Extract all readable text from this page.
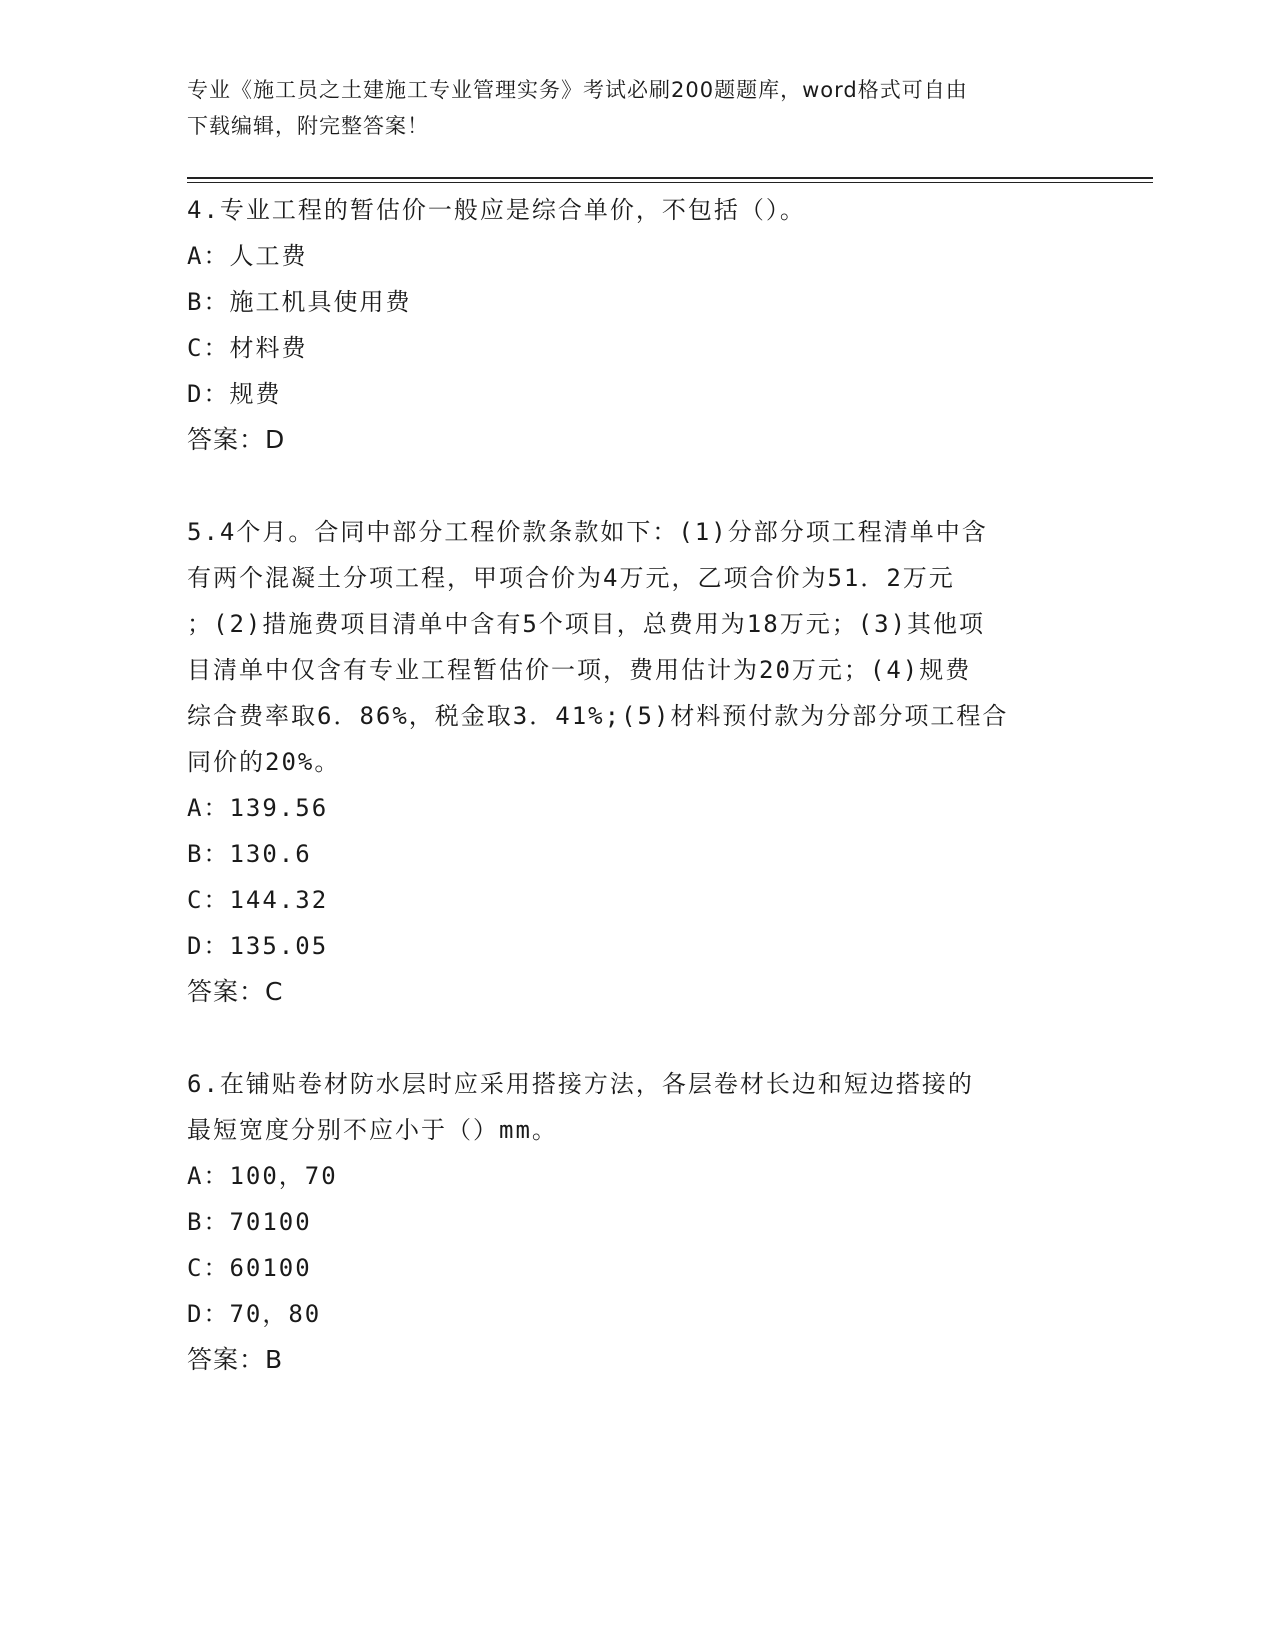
专业《施工员之土建施工专业管理实务》考试必刷200题题库，word格式可自由
下载编辑，附完整答案！
4.专业工程的暂估价一般应是综合单价，不包括（）。
A：人工费
B：施工机具使用费
C：材料费
D：规费
答案：D
5.4个月。合同中部分工程价款条款如下：(1)分部分项工程清单中含
有两个混凝土分项工程，甲项合价为4万元，乙项合价为51．2万元
；(2)措施费项目清单中含有5个项目，总费用为18万元；(3)其他项
目清单中仅含有专业工程暂估价一项，费用估计为20万元；(4)规费
综合费率取6．86%，税金取3．41%;(5)材料预付款为分部分项工程合
同价的20%。
A：139.56
B：130.6
C：144.32
D：135.05
答案：C
6.在铺贴卷材防水层时应采用搭接方法，各层卷材长边和短边搭接的
最短宽度分别不应小于（）mm。
A：100，70
B：70100
C：60100
D：70，80
答案：B
